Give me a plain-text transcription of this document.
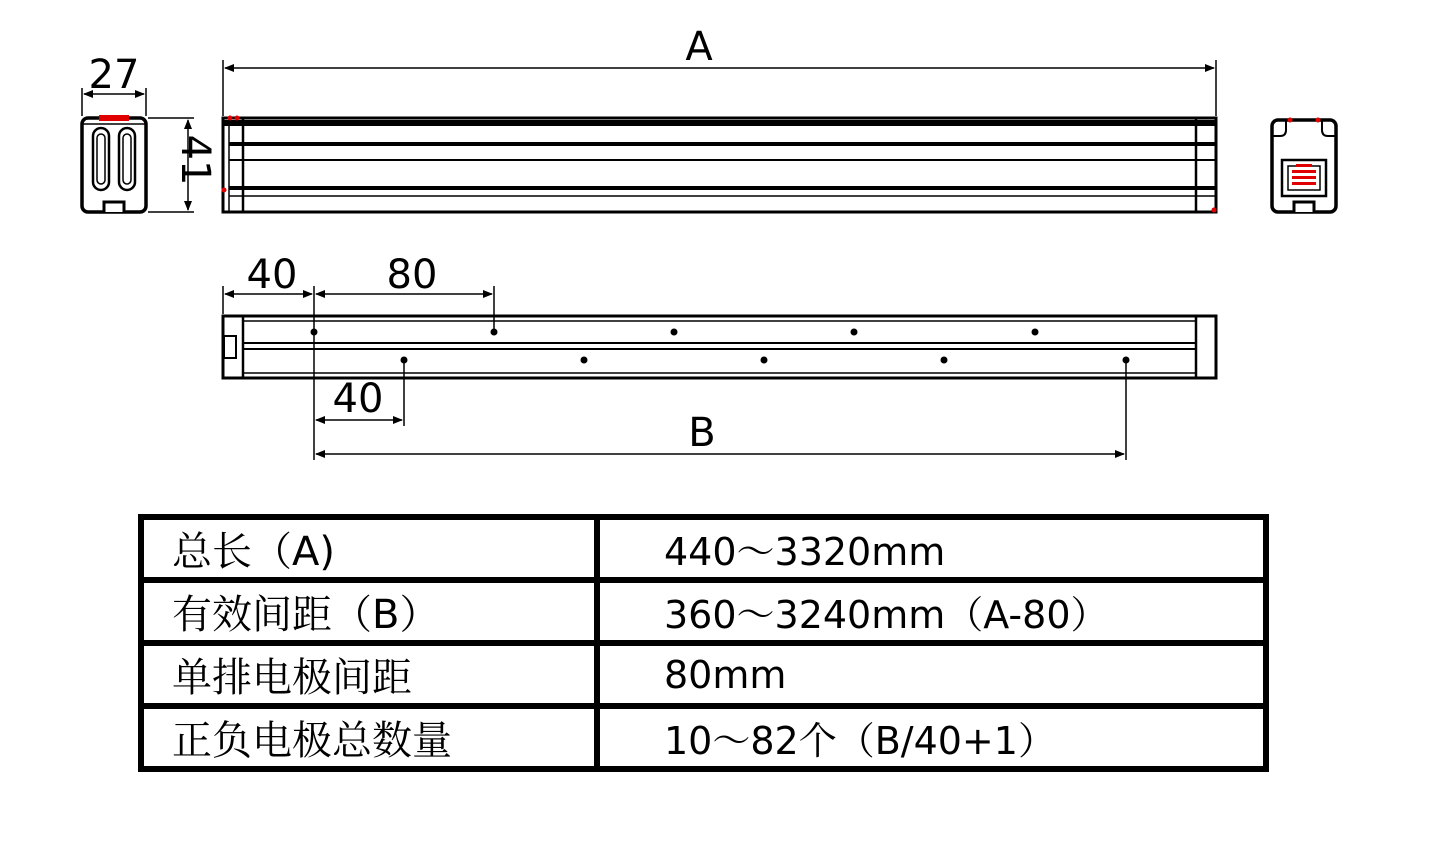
27
41
A
40 80
40
B
总长（A)	440～3320mm
有效间距（B）	360～3240mm（A-80）
单排电极间距	80mm
正负电极总数量	10～82个（B/40+1）
